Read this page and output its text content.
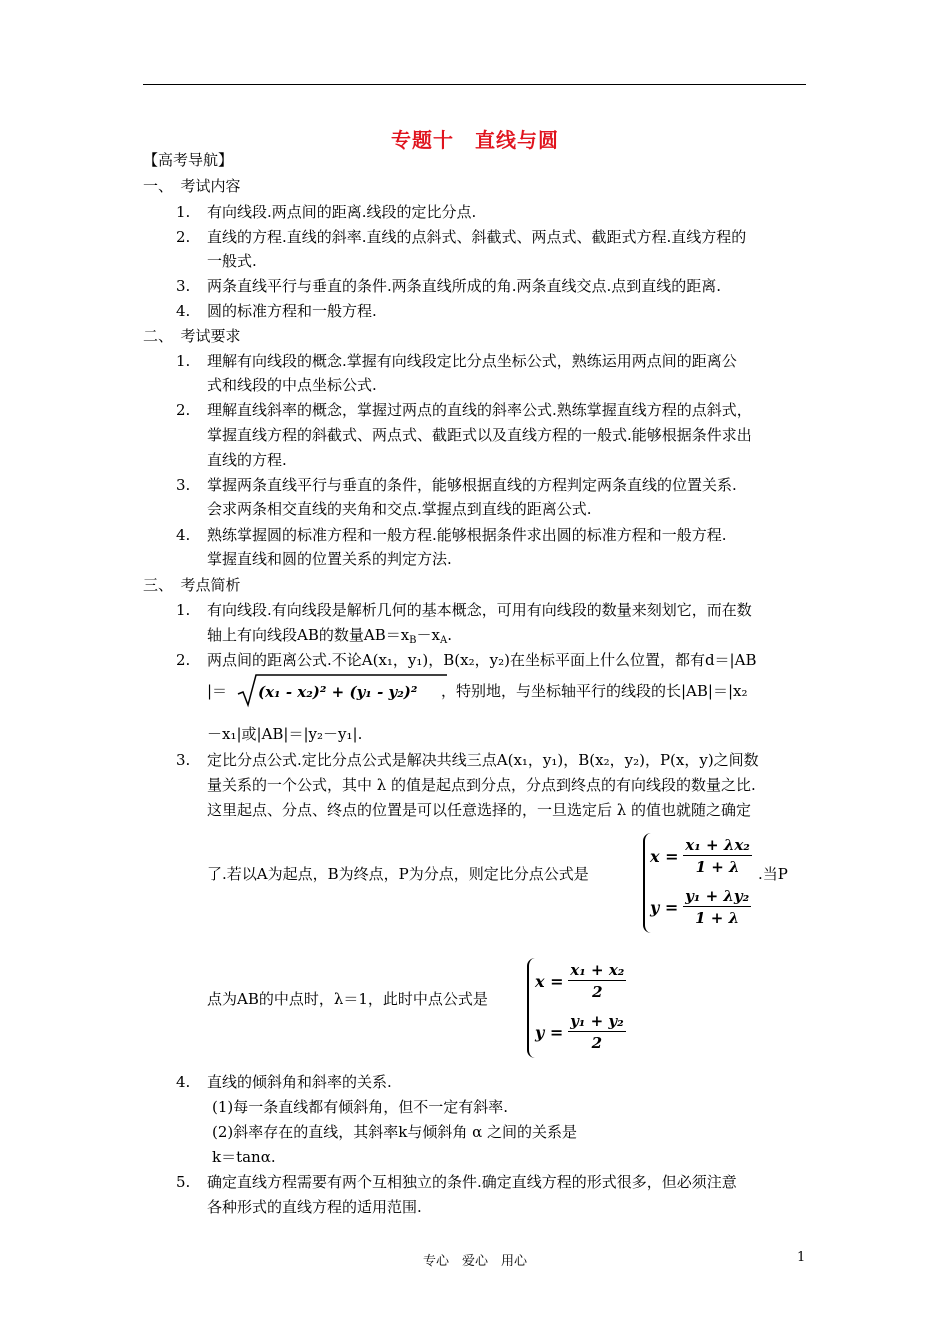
专题十　直线与圆
【高考导航】
一、　考试内容
1. 有向线段.两点间的距离.线段的定比分点.
2. 直线的方程.直线的斜率.直线的点斜式、斜截式、两点式、截距式方程.直线方程的
一般式.
3. 两条直线平行与垂直的条件.两条直线所成的角.两条直线交点.点到直线的距离.
4. 圆的标准方程和一般方程.
二、　考试要求
1. 理解有向线段的概念.掌握有向线段定比分点坐标公式，熟练运用两点间的距离公
式和线段的中点坐标公式.
2. 理解直线斜率的概念，掌握过两点的直线的斜率公式.熟练掌握直线方程的点斜式，
掌握直线方程的斜截式、两点式、截距式以及直线方程的一般式.能够根据条件求出
直线的方程.
3. 掌握两条直线平行与垂直的条件，能够根据直线的方程判定两条直线的位置关系.
会求两条相交直线的夹角和交点.掌握点到直线的距离公式.
4. 熟练掌握圆的标准方程和一般方程.能够根据条件求出圆的标准方程和一般方程.
掌握直线和圆的位置关系的判定方法.
三、　考点简析
1. 有向线段.有向线段是解析几何的基本概念，可用有向线段的数量来刻划它，而在数
轴上有向线段AB的数量$AB=x_B-x_A$.
2. 两点间的距离公式.不论A(x₁，y₁)，B(x₂，y₂)在坐标平面上什么位置，都有d＝|AB
|＝ (x₁ - x₂)² + (y₁ - y₂)² ，特别地，与坐标轴平行的线段的长|AB|＝|x₂
－x₁|或|AB|＝|y₂－y₁|.
3. 定比分点公式.定比分点公式是解决共线三点A(x₁，y₁)，B(x₂，y₂)，P(x，y)之间数
量关系的一个公式，其中 λ 的值是起点到分点，分点到终点的有向线段的数量之比.
这里起点、分点、终点的位置是可以任意选择的，一旦选定后 λ 的值也就随之确定
了.若以A为起点，B为终点，P为分点，则定比分点公式是
$x = \frac{\text{x₁ + λx₂}}{1 + \lambda}$
$y = \frac{\text{y₁ + λy₂}}{1 + \lambda}$
.当P
点为AB的中点时，λ＝1，此时中点公式是
$x = \frac{\text{x₁ + x₂}}{2}$
$y = \frac{\text{y₁ + y₂}}{2}$
4. 直线的倾斜角和斜率的关系.
(1)每一条直线都有倾斜角，但不一定有斜率.
(2)斜率存在的直线，其斜率k与倾斜角 α 之间的关系是
k＝tanα.
5. 确定直线方程需要有两个互相独立的条件.确定直线方程的形式很多，但必须注意
各种形式的直线方程的适用范围.
专心　爱心　用心	1
